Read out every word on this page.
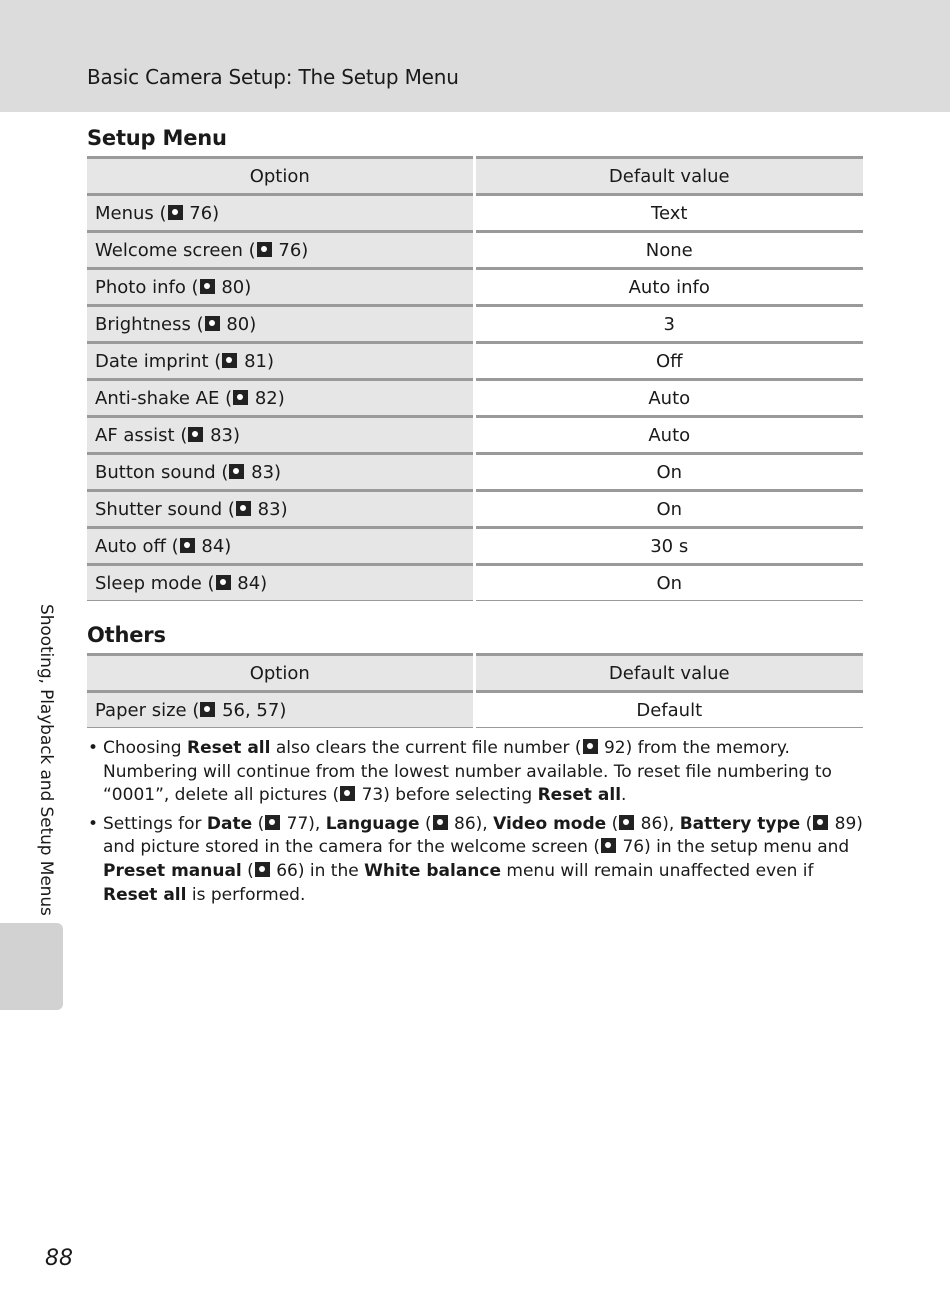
Basic Camera Setup: The Setup Menu
Setup Menu
Option	Default value
Menus ( 76)	Text
Welcome screen ( 76)	None
Photo info ( 80)	Auto info
Brightness ( 80)	3
Date imprint ( 81)	Off
Anti-shake AE ( 82)	Auto
AF assist ( 83)	Auto
Button sound ( 83)	On
Shutter sound ( 83)	On
Auto off ( 84)	30 s
Sleep mode ( 84)	On
Others
Option	Default value
Paper size ( 56, 57)	Default
• Choosing Reset all also clears the current file number ( 92) from the memory. Numbering will continue from the lowest number available. To reset file numbering to “0001”, delete all pictures ( 73) before selecting Reset all.
• Settings for Date ( 77), Language ( 86), Video mode ( 86), Battery type ( 89) and picture stored in the camera for the welcome screen ( 76) in the setup menu and Preset manual ( 66) in the White balance menu will remain unaffected even if Reset all is performed.
Shooting, Playback and Setup Menus
88
